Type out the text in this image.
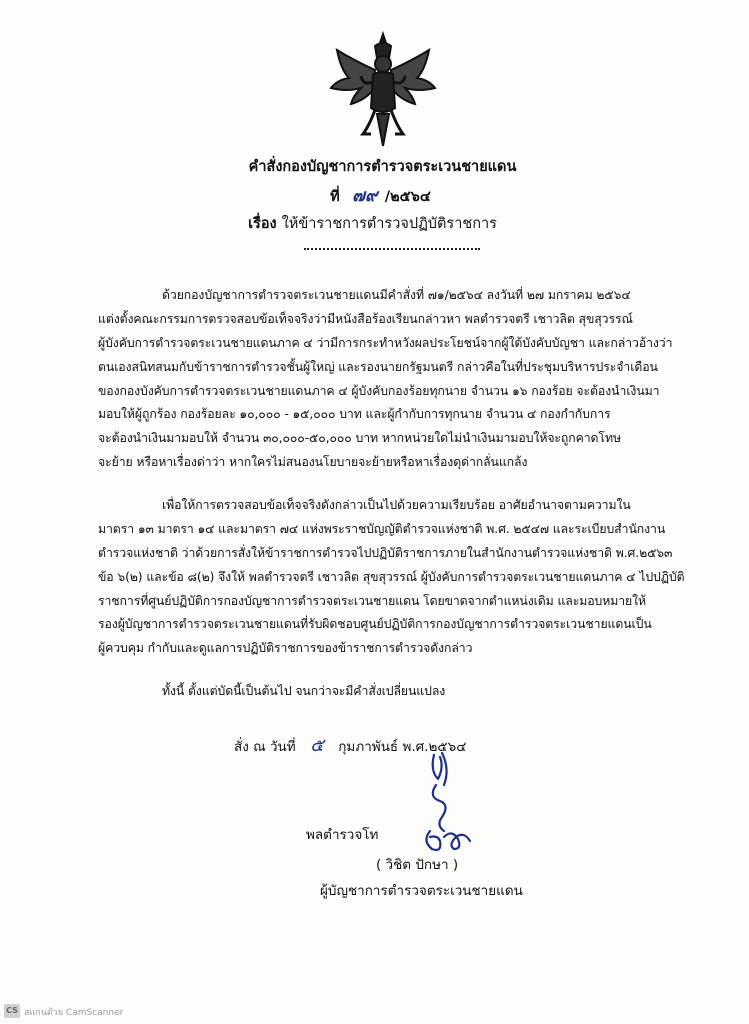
คำสั่งกองบัญชาการตำรวจตระเวนชายแดน
ที่ ๗๙ /๒๕๖๔
เรื่อง ให้ข้าราชการตำรวจปฏิบัติราชการ
ด้วยกองบัญชาการตำรวจตระเวนชายแดนมีคำสั่งที่ ๗๑/๒๕๖๔ ลงวันที่ ๒๗ มกราคม ๒๕๖๔
แต่งตั้งคณะกรรมการตรวจสอบข้อเท็จจริงว่ามีหนังสือร้องเรียนกล่าวหา พลตำรวจตรี เชาวลิต สุขสุวรรณ์
ผู้บังคับการตำรวจตระเวนชายแดนภาค ๔ ว่ามีการกระทำหวังผลประโยชน์จากผู้ใต้บังคับบัญชา และกล่าวอ้างว่า
ตนเองสนิทสนมกับข้าราชการตำรวจชั้นผู้ใหญ่ และรองนายกรัฐมนตรี กล่าวคือในที่ประชุมบริหารประจำเดือน
ของกองบังคับการตำรวจตระเวนชายแดนภาค ๔ ผู้บังคับกองร้อยทุกนาย จำนวน ๑๖ กองร้อย จะต้องนำเงินมา
มอบให้ผู้ถูกร้อง กองร้อยละ ๑๐,๐๐๐ - ๑๕,๐๐๐ บาท และผู้กำกับการทุกนาย จำนวน ๔ กองกำกับการ
จะต้องนำเงินมามอบให้ จำนวน ๓๐,๐๐๐-๕๐,๐๐๐ บาท หากหน่วยใดไม่นำเงินมามอบให้จะถูกคาดโทษ
จะย้าย หรือหาเรื่องด่าว่า หากใครไม่สนองนโยบายจะย้ายหรือหาเรื่องดุด่ากลั่นแกล้ง
เพื่อให้การตรวจสอบข้อเท็จจริงดังกล่าวเป็นไปด้วยความเรียบร้อย อาศัยอำนาจตามความใน
มาตรา ๑๓ มาตรา ๑๔ และมาตรา ๗๔ แห่งพระราชบัญญัติตำรวจแห่งชาติ พ.ศ. ๒๕๔๗ และระเบียบสำนักงาน
ตำรวจแห่งชาติ ว่าด้วยการสั่งให้ข้าราชการตำรวจไปปฏิบัติราชการภายในสำนักงานตำรวจแห่งชาติ พ.ศ.๒๕๖๓
ข้อ ๖(๒) และข้อ ๘(๒) จึงให้ พลตำรวจตรี เชาวลิต สุขสุวรรณ์ ผู้บังคับการตำรวจตระเวนชายแดนภาค ๔ ไปปฏิบัติ
ราชการที่ศูนย์ปฏิบัติการกองบัญชาการตำรวจตระเวนชายแดน โดยขาดจากตำแหน่งเดิม และมอบหมายให้
รองผู้บัญชาการตำรวจตระเวนชายแดนที่รับผิดชอบศูนย์ปฏิบัติการกองบัญชาการตำรวจตระเวนชายแดนเป็น
ผู้ควบคุม กำกับและดูแลการปฏิบัติราชการของข้าราชการตำรวจดังกล่าว
ทั้งนี้ ตั้งแต่บัดนี้เป็นต้นไป จนกว่าจะมีคำสั่งเปลี่ยนแปลง
สั่ง ณ วันที่ ๕ กุมภาพันธ์ พ.ศ.๒๕๖๔
พลตำรวจโท
( วิชิต ปักษา )
ผู้บัญชาการตำรวจตระเวนชายแดน
CS สแกนด้วย CamScanner
